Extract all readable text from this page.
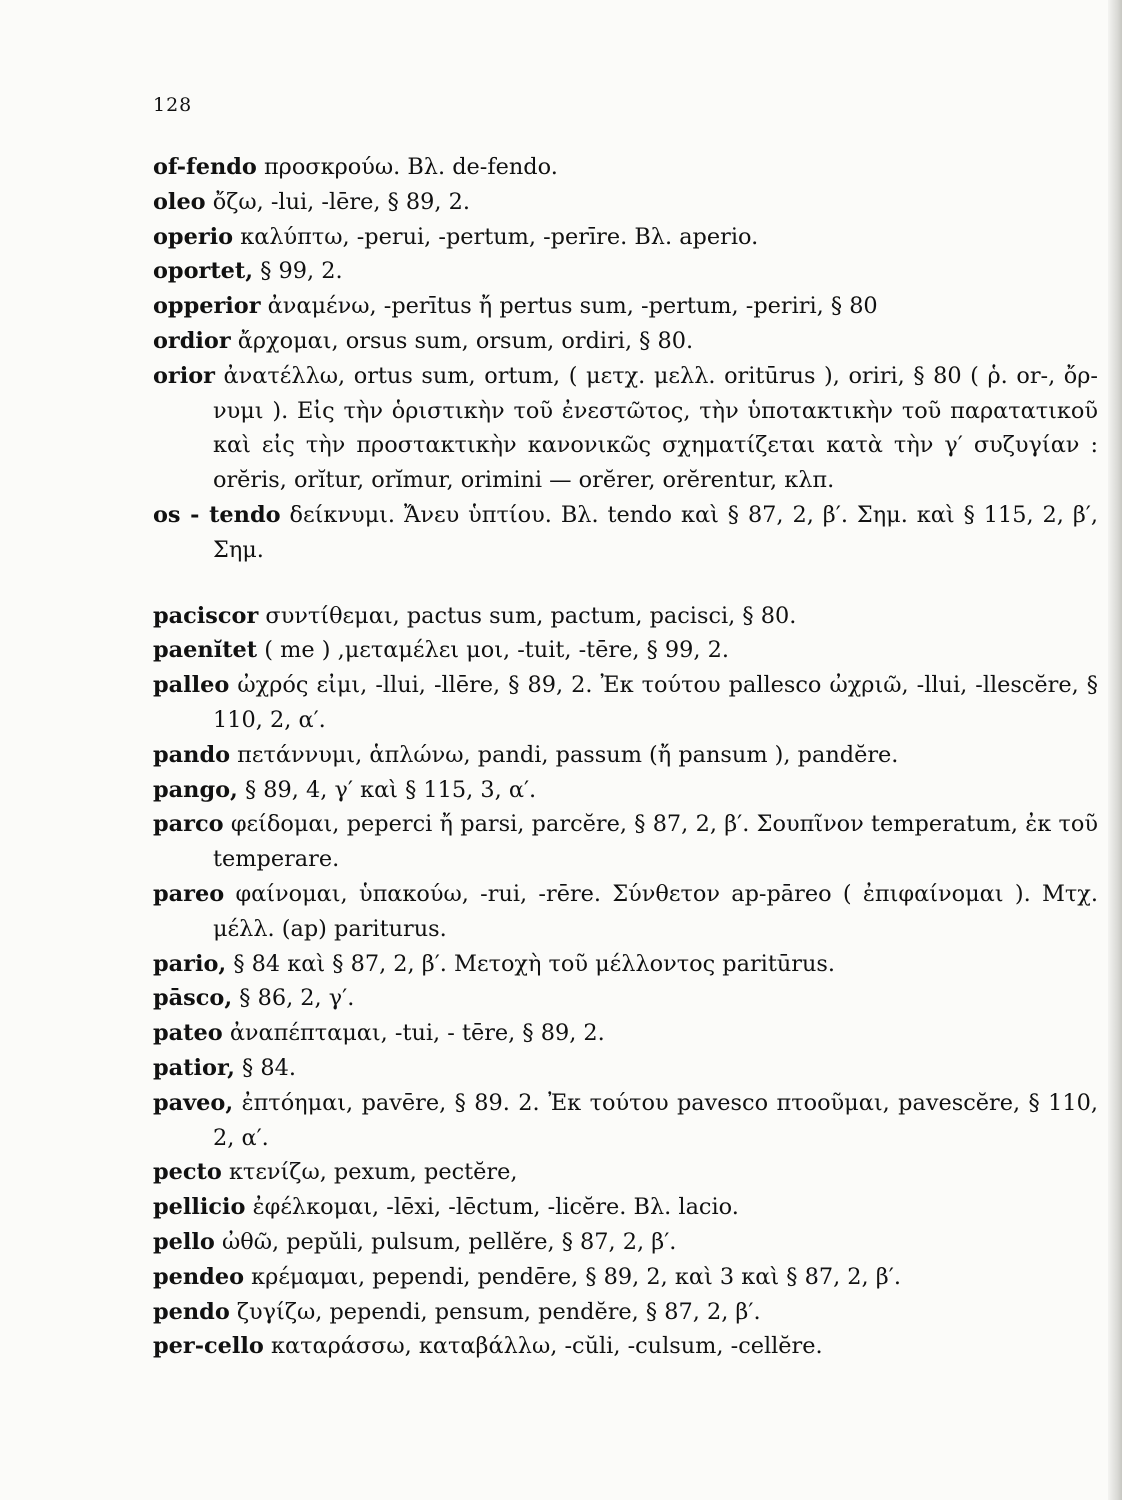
128

of-fendo προσκρούω. Βλ. de-fendo.

oleo ὄζω, -lui, -lēre, § 89, 2.

operio καλύπτω, -perui, -pertum, -perīre. Βλ. aperio.

oportet, § 99, 2.

opperior ἀναμένω, -perītus ἤ pertus sum, -pertum, -periri, § 80

ordior ἄρχομαι, orsus sum, orsum, ordiri, § 80.

orior ἀνατέλλω, ortus sum, ortum, ( μετχ. μελλ. oritūrus ), oriri, § 80 ( ῥ. or-, ὄρ-νυμι ). Εἰς τὴν ὁριστικὴν τοῦ ἐνεστῶτος, τὴν ὑποτακτικὴν τοῦ παρατατικοῦ καὶ εἰς τὴν προστακτικὴν κανονικῶς σχηματίζεται κατὰ τὴν γ′ συζυγίαν : orĕris, orĭtur, orĭmur, orimini — orĕrer, orĕrentur, κλπ.

os - tendo δείκνυμι. Ἄνευ ὑπτίου. Βλ. tendo καὶ § 87, 2, β′. Σημ. καὶ § 115, 2, β′, Σημ.

paciscor συντίθεμαι, pactus sum, pactum, pacisci, § 80.

paenĭtet ( me ) ,μεταμέλει μοι, -tuit, -tēre, § 99, 2.

palleo ὠχρός εἰμι, -llui, -llēre, § 89, 2. Ἐκ τούτου pallesco ὠχριῶ, -llui, -llescĕre, § 110, 2, α′.

pando πετάννυμι, ἁπλώνω, pandi, passum (ἤ pansum ), pandĕre.

pango, § 89, 4, γ′ καὶ § 115, 3, α′.

parco φείδομαι, peperci ἤ parsi, parcĕre, § 87, 2, β′. Σουπῖνον temperatum, ἐκ τοῦ temperare.

pareo φαίνομαι, ὑπακούω, -rui, -rēre. Σύνθετον ap-pāreo ( ἐπιφαίνομαι ). Μτχ. μέλλ. (ap) pariturus.

pario, § 84 καὶ § 87, 2, β′. Μετοχὴ τοῦ μέλλοντος paritūrus.

pāsco, § 86, 2, γ′.

pateo ἀναπέπταμαι, -tui, - tēre, § 89, 2.

patior, § 84.

paveo, ἐπτόημαι, pavēre, § 89. 2. Ἐκ τούτου pavesco πτοοῦμαι, pavescĕre, § 110, 2, α′.

pecto κτενίζω, pexum, pectĕre,

pellicio ἐφέλκομαι, -lēxi, -lēctum, -licĕre. Βλ. lacio.

pello ὠθῶ, pepŭli, pulsum, pellĕre, § 87, 2, β′.

pendeo κρέμαμαι, pependi, pendēre, § 89, 2, καὶ 3 καὶ § 87, 2, β′.

pendo ζυγίζω, pependi, pensum, pendĕre, § 87, 2, β′.

per-cello καταράσσω, καταβάλλω, -cŭli, -culsum, -cellĕre.
